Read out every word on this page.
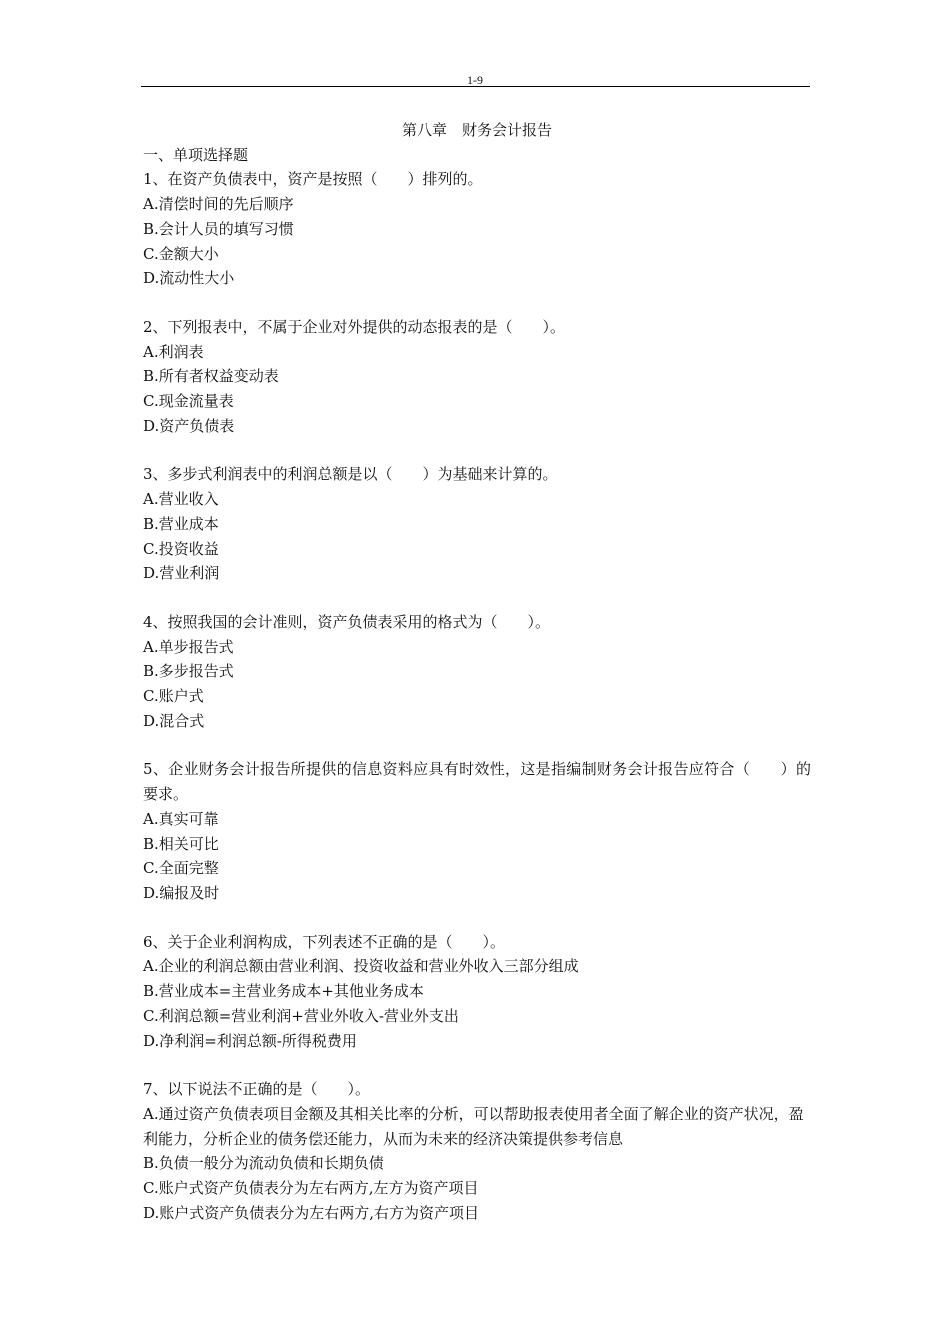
1-9

第八章　财务会计报告

一、单项选择题

1、在资产负债表中，资产是按照（　　）排列的。

A.清偿时间的先后顺序

B.会计人员的填写习惯

C.金额大小

D.流动性大小

2、下列报表中，不属于企业对外提供的动态报表的是（　　）。

A.利润表

B.所有者权益变动表

C.现金流量表

D.资产负债表

3、多步式利润表中的利润总额是以（　　）为基础来计算的。

A.营业收入

B.营业成本

C.投资收益

D.营业利润

4、按照我国的会计准则，资产负债表采用的格式为（　　）。

A.单步报告式

B.多步报告式

C.账户式

D.混合式

5、企业财务会计报告所提供的信息资料应具有时效性，这是指编制财务会计报告应符合（　　）的要求。

A.真实可靠

B.相关可比

C.全面完整

D.编报及时

6、关于企业利润构成，下列表述不正确的是（　　）。

A.企业的利润总额由营业利润、投资收益和营业外收入三部分组成

B.营业成本=主营业务成本+其他业务成本

C.利润总额=营业利润+营业外收入-营业外支出

D.净利润=利润总额-所得税费用

7、以下说法不正确的是（　　）。

A.通过资产负债表项目金额及其相关比率的分析，可以帮助报表使用者全面了解企业的资产状况，盈利能力，分析企业的债务偿还能力，从而为未来的经济决策提供参考信息

B.负债一般分为流动负债和长期负债

C.账户式资产负债表分为左右两方,左方为资产项目

D.账户式资产负债表分为左右两方,右方为资产项目
